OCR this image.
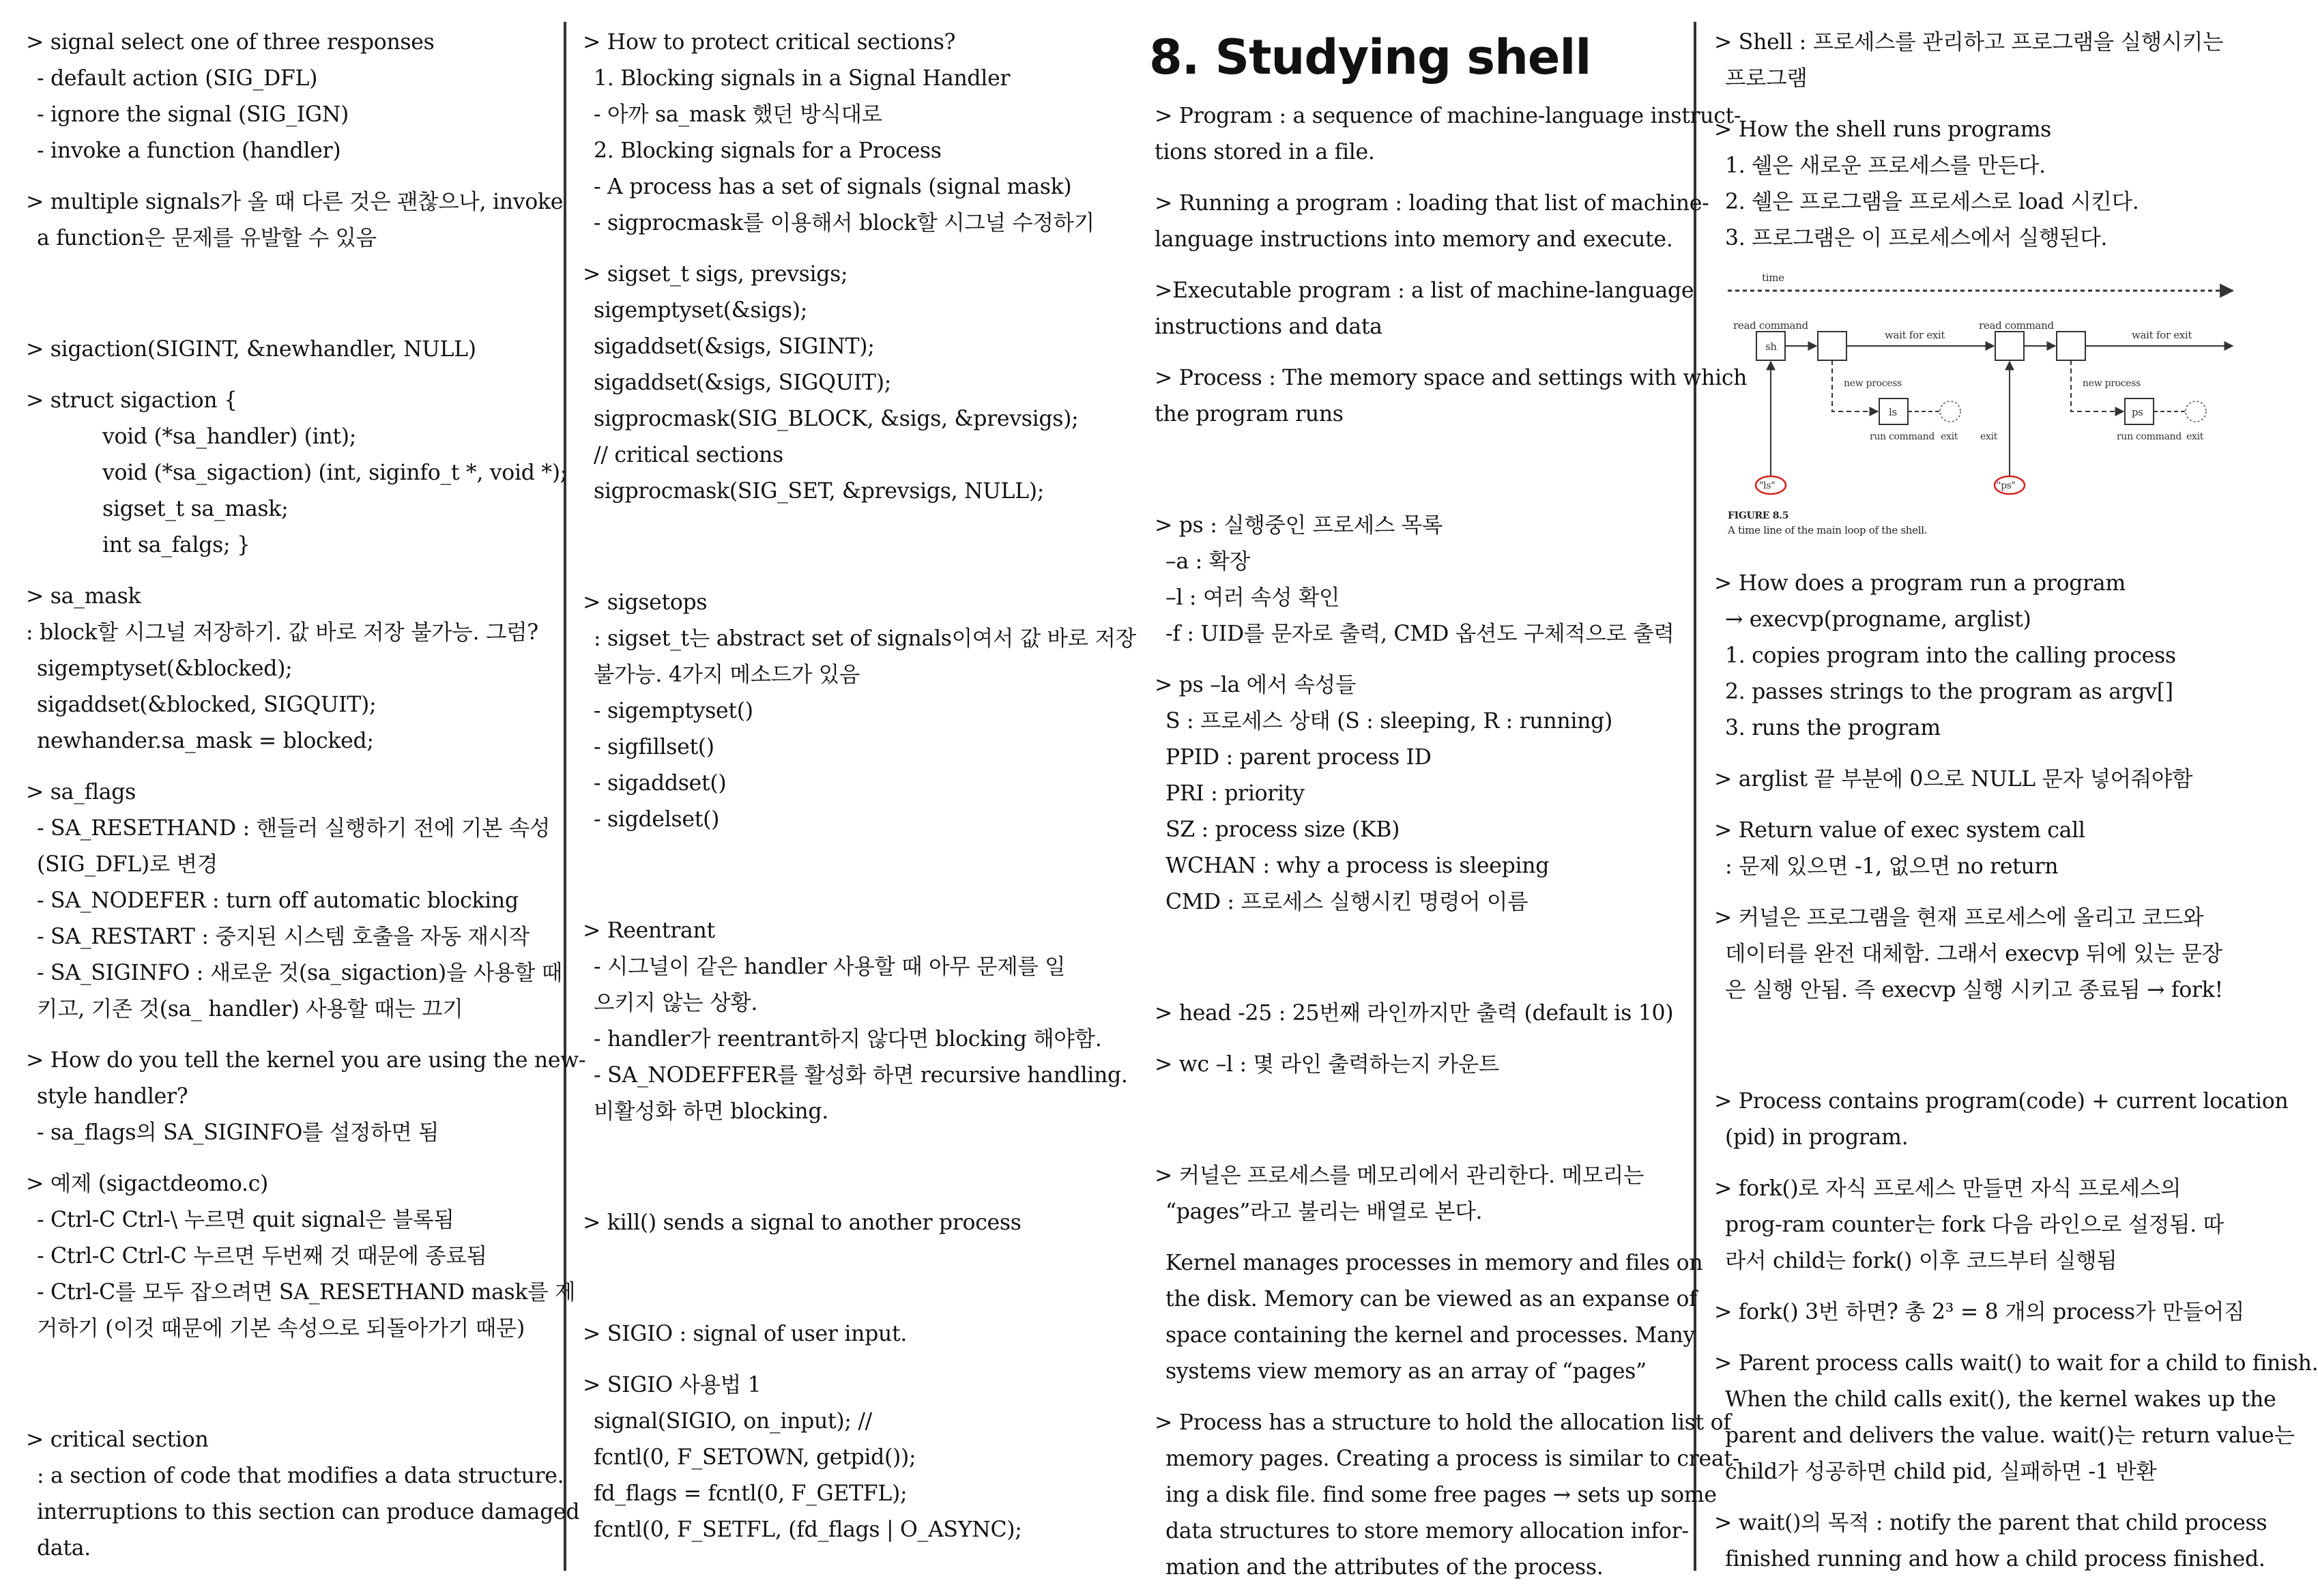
> signal select one of three responses
- default action (SIG_DFL)
- ignore the signal (SIG_IGN)
- invoke a function (handler)
> multiple signals가 올 때 다른 것은 괜찮으나, invoke
a function은 문제를 유발할 수 있음
> sigaction(SIGINT, &newhandler, NULL)
> struct sigaction {
void (*sa_handler) (int);
void (*sa_sigaction) (int, siginfo_t *, void *);
sigset_t sa_mask;
int sa_falgs; }
> sa_mask
: block할 시그널 저장하기. 값 바로 저장 불가능. 그럼?
sigemptyset(&blocked);
sigaddset(&blocked, SIGQUIT);
newhander.sa_mask = blocked;
> sa_flags
- SA_RESETHAND : 핸들러 실행하기 전에 기본 속성
(SIG_DFL)로 변경
- SA_NODEFER : turn off automatic blocking
- SA_RESTART : 중지된 시스템 호출을 자동 재시작
- SA_SIGINFO : 새로운 것(sa_sigaction)을 사용할 때
키고, 기존 것(sa_ handler) 사용할 때는 끄기
> How do you tell the kernel you are using the new-
style handler?
- sa_flags의 SA_SIGINFO를 설정하면 됨
> 예제 (sigactdeomo.c)
- Ctrl-C Ctrl-\ 누르면 quit signal은 블록됨
- Ctrl-C Ctrl-C 누르면 두번째 것 때문에 종료됨
- Ctrl-C를 모두 잡으려면 SA_RESETHAND mask를 제
거하기 (이것 때문에 기본 속성으로 되돌아가기 때문)
> critical section
: a section of code that modifies a data structure.
interruptions to this section can produce damaged
data.
> How to protect critical sections?
1. Blocking signals in a Signal Handler
- 아까 sa_mask 했던 방식대로
2. Blocking signals for a Process
- A process has a set of signals (signal mask)
- sigprocmask를 이용해서 block할 시그널 수정하기
> sigset_t sigs, prevsigs;
sigemptyset(&sigs);
sigaddset(&sigs, SIGINT);
sigaddset(&sigs, SIGQUIT);
sigprocmask(SIG_BLOCK, &sigs, &prevsigs);
// critical sections
sigprocmask(SIG_SET, &prevsigs, NULL);
> sigsetops
: sigset_t는 abstract set of signals이여서 값 바로 저장
불가능. 4가지 메소드가 있음
- sigemptyset()
- sigfillset()
- sigaddset()
- sigdelset()
> Reentrant
- 시그널이 같은 handler 사용할 때 아무 문제를 일
으키지 않는 상황.
- handler가 reentrant하지 않다면 blocking 해야함.
- SA_NODEFFER를 활성화 하면 recursive handling.
비활성화 하면 blocking.
> kill() sends a signal to another process
> SIGIO : signal of user input.
> SIGIO 사용법 1
signal(SIGIO, on_input); //
fcntl(0, F_SETOWN, getpid());
fd_flags = fcntl(0, F_GETFL);
fcntl(0, F_SETFL, (fd_flags | O_ASYNC);
8. Studying shell
> Program : a sequence of machine-language instruct-
tions stored in a file.
> Running a program : loading that list of machine-
language instructions into memory and execute.
>Executable program : a list of machine-language
instructions and data
> Process : The memory space and settings with which
the program runs
> ps : 실행중인 프로세스 목록
–a : 확장
–l : 여러 속성 확인
-f : UID를 문자로 출력, CMD 옵션도 구체적으로 출력
> ps –la 에서 속성들
S : 프로세스 상태 (S : sleeping, R : running)
PPID : parent process ID
PRI : priority
SZ : process size (KB)
WCHAN : why a process is sleeping
CMD : 프로세스 실행시킨 명령어 이름
> head -25 : 25번째 라인까지만 출력 (default is 10)
> wc –l : 몇 라인 출력하는지 카운트
> 커널은 프로세스를 메모리에서 관리한다. 메모리는
“pages”라고 불리는 배열로 본다.
Kernel manages processes in memory and files on
the disk. Memory can be viewed as an expanse of
space containing the kernel and processes. Many
systems view memory as an array of “pages”
> Process has a structure to hold the allocation list of
memory pages. Creating a process is similar to creat-
ing a disk file. find some free pages → sets up some
data structures to store memory allocation infor-
mation and the attributes of the process.
> Shell : 프로세스를 관리하고 프로그램을 실행시키는
프로그램
> How the shell runs programs
1. 쉘은 새로운 프로세스를 만든다.
2. 쉘은 프로그램을 프로세스로 load 시킨다.
3. 프로그램은 이 프로세스에서 실행된다.
time
read command	read command
wait for exit	wait for exit
sh
new process
ls
run command exit
new process
ps
run command exit
exit
"ls"	"ps"
FIGURE 8.5
A time line of the main loop of the shell.
> How does a program run a program
→ execvp(progname, arglist)
1. copies program into the calling process
2. passes strings to the program as argv[]
3. runs the program
> arglist 끝 부분에 0으로 NULL 문자 넣어줘야함
> Return value of exec system call
: 문제 있으면 -1, 없으면 no return
> 커널은 프로그램을 현재 프로세스에 올리고 코드와
데이터를 완전 대체함. 그래서 execvp 뒤에 있는 문장
은 실행 안됨. 즉 execvp 실행 시키고 종료됨 → fork!
> Process contains program(code) + current location
(pid) in program.
> fork()로 자식 프로세스 만들면 자식 프로세스의
prog-ram counter는 fork 다음 라인으로 설정됨. 따
라서 child는 fork() 이후 코드부터 실행됨
> fork() 3번 하면? 총 2³ = 8 개의 process가 만들어짐
> Parent process calls wait() to wait for a child to finish.
When the child calls exit(), the kernel wakes up the
parent and delivers the value. wait()는 return value는
child가 성공하면 child pid, 실패하면 -1 반환
> wait()의 목적 : notify the parent that child process
finished running and how a child process finished.
